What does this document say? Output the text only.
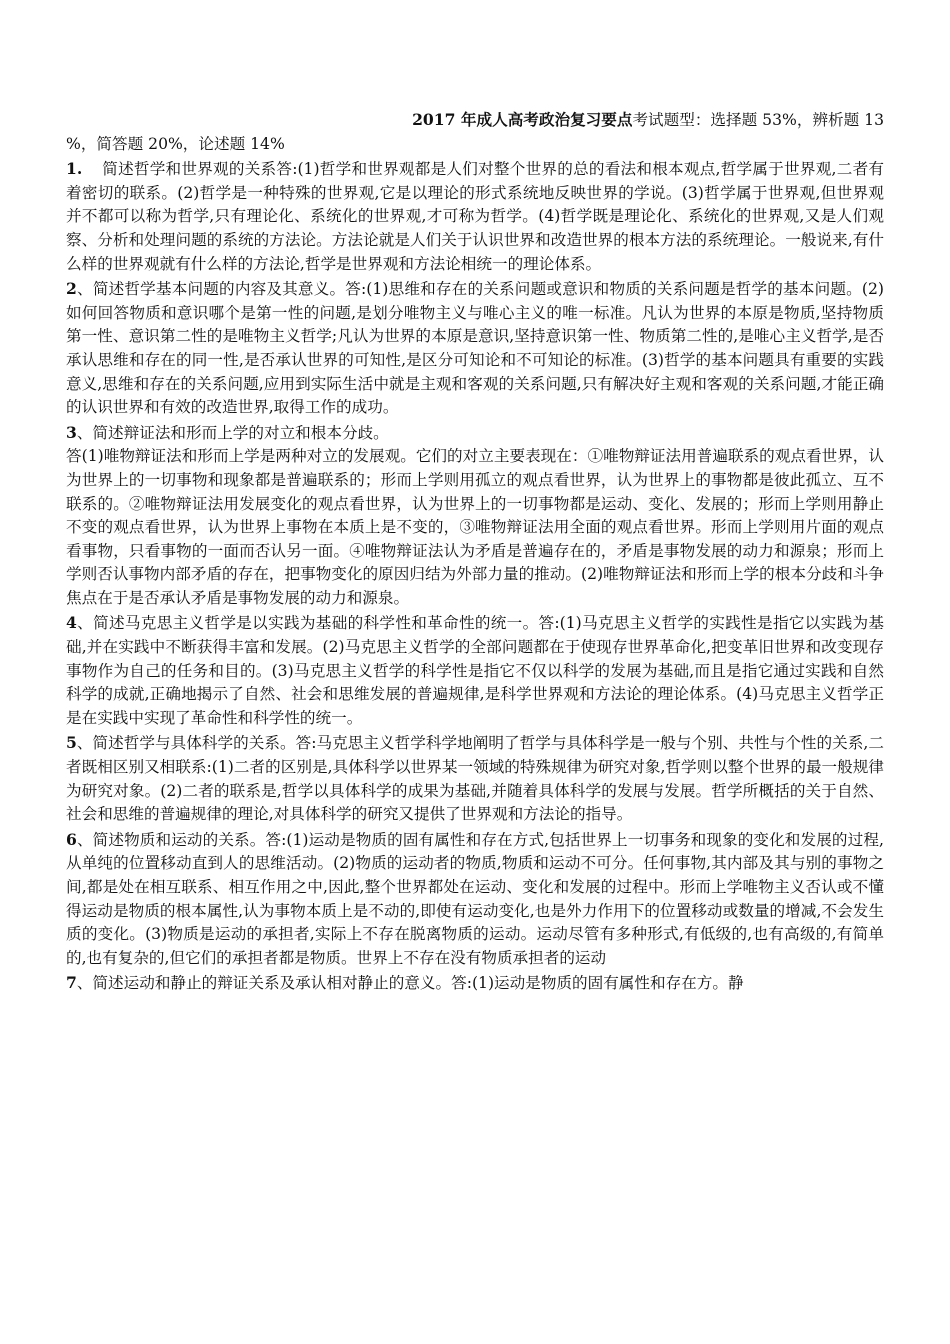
2017 年成人高考政治复习要点考试题型：选择题 53%，辨析题 13

%，简答题 20%，论述题 14%

1. 简述哲学和世界观的关系答:(1)哲学和世界观都是人们对整个世界的总的看法和根本观点,哲学属于世界观,二者有着密切的联系。(2)哲学是一种特殊的世界观,它是以理论的形式系统地反映世界的学说。(3)哲学属于世界观,但世界观并不都可以称为哲学,只有理论化、系统化的世界观,才可称为哲学。(4)哲学既是理论化、系统化的世界观,又是人们观察、分析和处理问题的系统的方法论。方法论就是人们关于认识世界和改造世界的根本方法的系统理论。一般说来,有什么样的世界观就有什么样的方法论,哲学是世界观和方法论相统一的理论体系。

2、简述哲学基本问题的内容及其意义。答:(1)思维和存在的关系问题或意识和物质的关系问题是哲学的基本问题。(2)如何回答物质和意识哪个是第一性的问题,是划分唯物主义与唯心主义的唯一标准。凡认为世界的本原是物质,坚持物质第一性、意识第二性的是唯物主义哲学;凡认为世界的本原是意识,坚持意识第一性、物质第二性的,是唯心主义哲学,是否承认思维和存在的同一性,是否承认世界的可知性,是区分可知论和不可知论的标准。(3)哲学的基本问题具有重要的实践意义,思维和存在的关系问题,应用到实际生活中就是主观和客观的关系问题,只有解决好主观和客观的关系问题,才能正确的认识世界和有效的改造世界,取得工作的成功。

3、简述辩证法和形而上学的对立和根本分歧。

答(1)唯物辩证法和形而上学是两种对立的发展观。它们的对立主要表现在：①唯物辩证法用普遍联系的观点看世界，认为世界上的一切事物和现象都是普遍联系的；形而上学则用孤立的观点看世界，认为世界上的事物都是彼此孤立、互不联系的。②唯物辩证法用发展变化的观点看世界，认为世界上的一切事物都是运动、变化、发展的；形而上学则用静止不变的观点看世界，认为世界上事物在本质上是不变的，③唯物辩证法用全面的观点看世界。形而上学则用片面的观点看事物，只看事物的一面而否认另一面。④唯物辩证法认为矛盾是普遍存在的，矛盾是事物发展的动力和源泉；形而上学则否认事物内部矛盾的存在，把事物变化的原因归结为外部力量的推动。(2)唯物辩证法和形而上学的根本分歧和斗争焦点在于是否承认矛盾是事物发展的动力和源泉。

4、简述马克思主义哲学是以实践为基础的科学性和革命性的统一。答:(1)马克思主义哲学的实践性是指它以实践为基础,并在实践中不断获得丰富和发展。(2)马克思主义哲学的全部问题都在于使现存世界革命化,把变革旧世界和改变现存事物作为自己的任务和目的。(3)马克思主义哲学的科学性是指它不仅以科学的发展为基础,而且是指它通过实践和自然科学的成就,正确地揭示了自然、社会和思维发展的普遍规律,是科学世界观和方法论的理论体系。(4)马克思主义哲学正是在实践中实现了革命性和科学性的统一。

5、简述哲学与具体科学的关系。答:马克思主义哲学科学地阐明了哲学与具体科学是一般与个别、共性与个性的关系,二者既相区别又相联系:(1)二者的区别是,具体科学以世界某一领域的特殊规律为研究对象,哲学则以整个世界的最一般规律为研究对象。(2)二者的联系是,哲学以具体科学的成果为基础,并随着具体科学的发展与发展。哲学所概括的关于自然、社会和思维的普遍规律的理论,对具体科学的研究又提供了世界观和方法论的指导。

6、简述物质和运动的关系。答:(1)运动是物质的固有属性和存在方式,包括世界上一切事务和现象的变化和发展的过程,从单纯的位置移动直到人的思维活动。(2)物质的运动者的物质,物质和运动不可分。任何事物,其内部及其与别的事物之间,都是处在相互联系、相互作用之中,因此,整个世界都处在运动、变化和发展的过程中。形而上学唯物主义否认或不懂得运动是物质的根本属性,认为事物本质上是不动的,即使有运动变化,也是外力作用下的位置移动或数量的增减,不会发生质的变化。(3)物质是运动的承担者,实际上不存在脱离物质的运动。运动尽管有多种形式,有低级的,也有高级的,有简单的,也有复杂的,但它们的承担者都是物质。世界上不存在没有物质承担者的运动

7、简述运动和静止的辩证关系及承认相对静止的意义。答:(1)运动是物质的固有属性和存在方。静
